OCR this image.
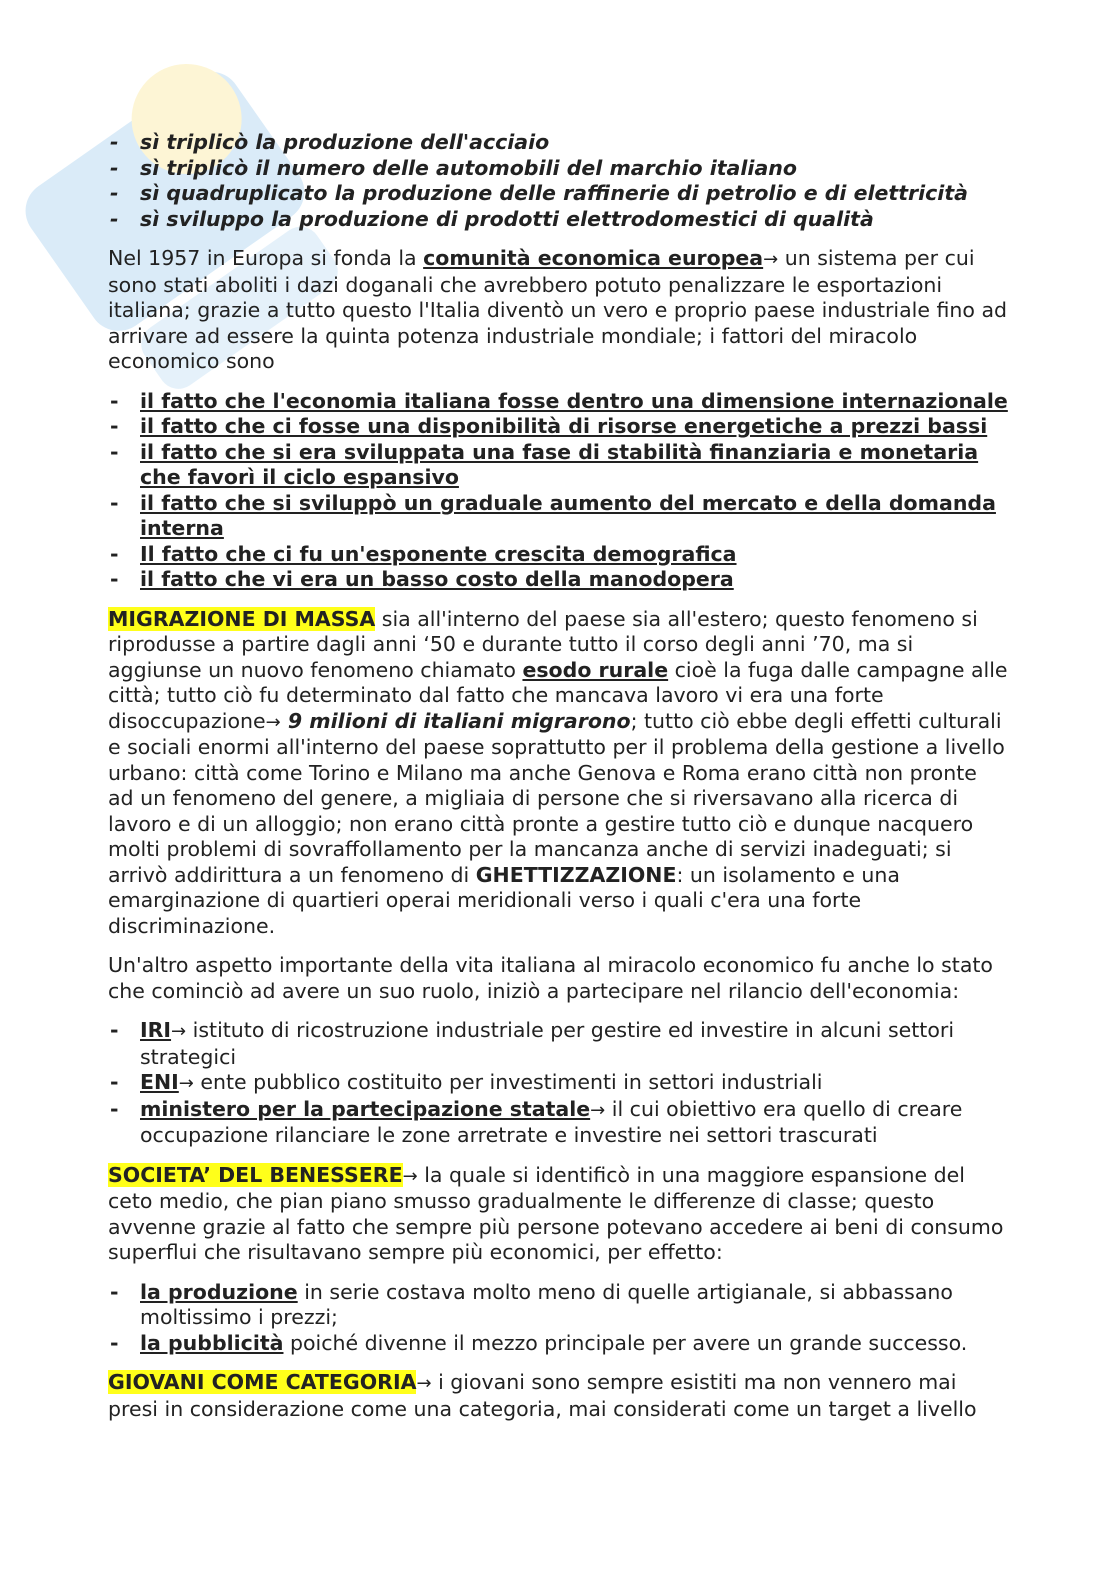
- sì triplicò la produzione dell'acciaio
- sì triplicò il numero delle automobili del marchio italiano
- sì quadruplicato la produzione delle raffinerie di petrolio e di elettricità
- sì sviluppo la produzione di prodotti elettrodomestici di qualità

Nel 1957 in Europa si fonda la comunità economica europea→ un sistema per cui sono stati aboliti i dazi doganali che avrebbero potuto penalizzare le esportazioni italiana; grazie a tutto questo l'Italia diventò un vero e proprio paese industriale fino ad arrivare ad essere la quinta potenza industriale mondiale; i fattori del miracolo economico sono

- il fatto che l'economia italiana fosse dentro una dimensione internazionale
- il fatto che ci fosse una disponibilità di risorse energetiche a prezzi bassi
- il fatto che si era sviluppata una fase di stabilità finanziaria e monetaria che favorì il ciclo espansivo
- il fatto che si sviluppò un graduale aumento del mercato e della domanda interna
- Il fatto che ci fu un'esponente crescita demografica
- il fatto che vi era un basso costo della manodopera

MIGRAZIONE DI MASSA sia all'interno del paese sia all'estero; questo fenomeno si riprodusse a partire dagli anni ‘50 e durante tutto il corso degli anni ’70, ma si aggiunse un nuovo fenomeno chiamato esodo rurale cioè la fuga dalle campagne alle città; tutto ciò fu determinato dal fatto che mancava lavoro vi era una forte disoccupazione→ 9 milioni di italiani migrarono; tutto ciò ebbe degli effetti culturali e sociali enormi all'interno del paese soprattutto per il problema della gestione a livello urbano: città come Torino e Milano ma anche Genova e Roma erano città non pronte ad un fenomeno del genere, a migliaia di persone che si riversavano alla ricerca di lavoro e di un alloggio; non erano città pronte a gestire tutto ciò e dunque nacquero molti problemi di sovraffollamento per la mancanza anche di servizi inadeguati; si arrivò addirittura a un fenomeno di GHETTIZZAZIONE: un isolamento e una emarginazione di quartieri operai meridionali verso i quali c'era una forte discriminazione.

Un'altro aspetto importante della vita italiana al miracolo economico fu anche lo stato che cominciò ad avere un suo ruolo, iniziò a partecipare nel rilancio dell'economia:

- IRI→ istituto di ricostruzione industriale per gestire ed investire in alcuni settori strategici
- ENI→ ente pubblico costituito per investimenti in settori industriali
- ministero per la partecipazione statale→ il cui obiettivo era quello di creare occupazione rilanciare le zone arretrate e investire nei settori trascurati

SOCIETA’ DEL BENESSERE→ la quale si identificò in una maggiore espansione del ceto medio, che pian piano smusso gradualmente le differenze di classe; questo avvenne grazie al fatto che sempre più persone potevano accedere ai beni di consumo superflui che risultavano sempre più economici, per effetto:

- la produzione in serie costava molto meno di quelle artigianale, si abbassano moltissimo i prezzi;
- la pubblicità poiché divenne il mezzo principale per avere un grande successo.

GIOVANI COME CATEGORIA→ i giovani sono sempre esistiti ma non vennero mai presi in considerazione come una categoria, mai considerati come un target a livello
